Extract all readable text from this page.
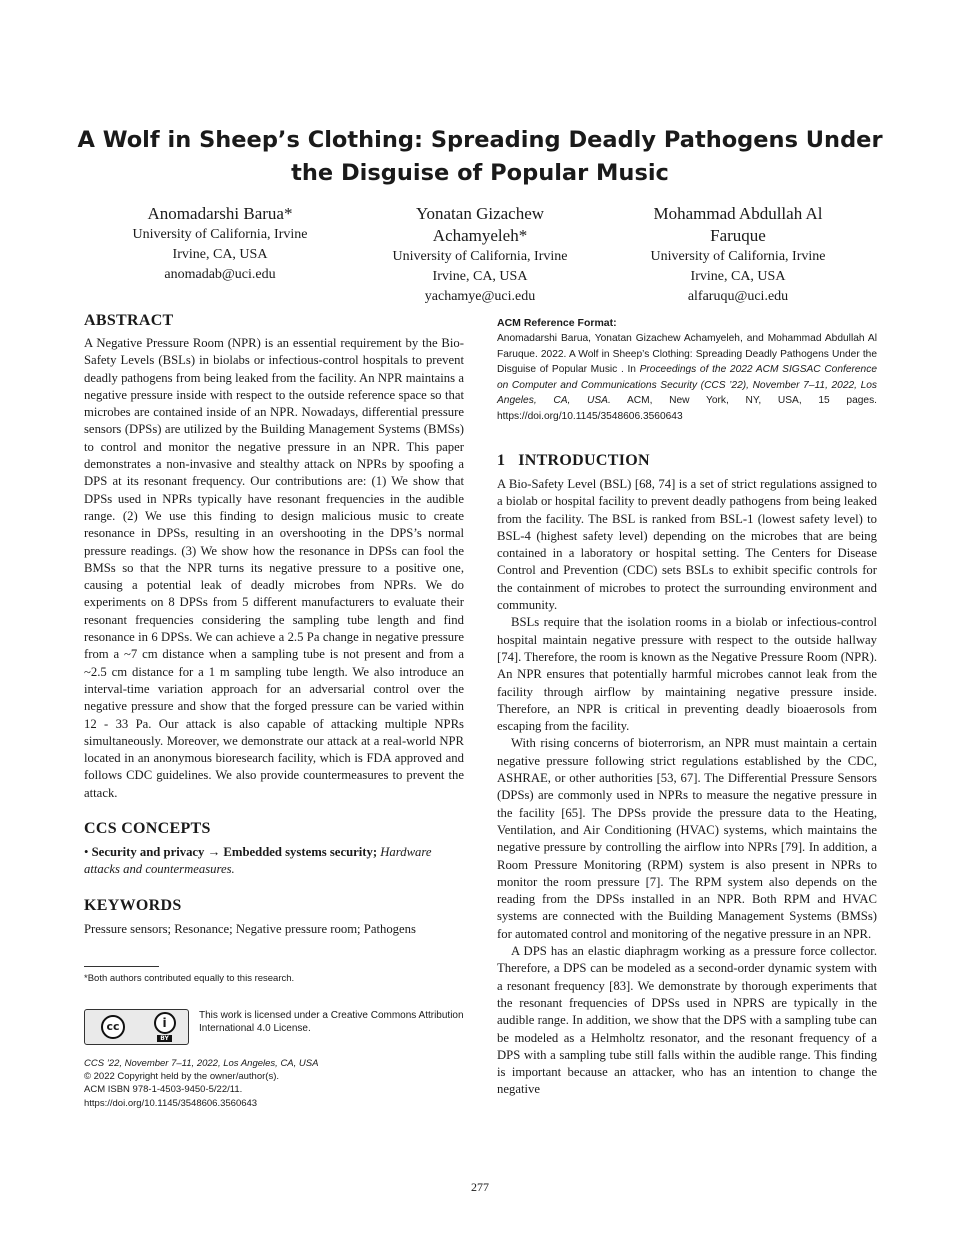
A Wolf in Sheep’s Clothing: Spreading Deadly Pathogens Under
the Disguise of Popular Music
Anomadarshi Barua*
University of California, Irvine
Irvine, CA, USA
anomadab@uci.edu
Yonatan Gizachew
Achamyeleh*
University of California, Irvine
Irvine, CA, USA
yachamye@uci.edu
Mohammad Abdullah Al
Faruque
University of California, Irvine
Irvine, CA, USA
alfaruqu@uci.edu
ABSTRACT

A Negative Pressure Room (NPR) is an essential requirement by the Bio-Safety Levels (BSLs) in biolabs or infectious-control hospitals to prevent deadly pathogens from being leaked from the facility. An NPR maintains a negative pressure inside with respect to the outside reference space so that microbes are contained inside of an NPR. Nowadays, differential pressure sensors (DPSs) are utilized by the Building Management Systems (BMSs) to control and monitor the negative pressure in an NPR. This paper demonstrates a non-invasive and stealthy attack on NPRs by spoofing a DPS at its resonant frequency. Our contributions are: (1) We show that DPSs used in NPRs typically have resonant frequencies in the audible range. (2) We use this finding to design malicious music to create resonance in DPSs, resulting in an overshooting in the DPS’s normal pressure readings. (3) We show how the resonance in DPSs can fool the BMSs so that the NPR turns its negative pressure to a positive one, causing a potential leak of deadly microbes from NPRs. We do experiments on 8 DPSs from 5 different manufacturers to evaluate their resonant frequencies considering the sampling tube length and find resonance in 6 DPSs. We can achieve a 2.5 Pa change in negative pressure from a ~7 cm distance when a sampling tube is not present and from a ~2.5 cm distance for a 1 m sampling tube length. We also introduce an interval-time variation approach for an adversarial control over the negative pressure and show that the forged pressure can be varied within 12 - 33 Pa. Our attack is also capable of attacking multiple NPRs simultaneously. Moreover, we demonstrate our attack at a real-world NPR located in an anonymous bioresearch facility, which is FDA approved and follows CDC guidelines. We also provide countermeasures to prevent the attack.

CCS CONCEPTS

• Security and privacy → Embedded systems security; Hardware attacks and countermeasures.

KEYWORDS

Pressure sensors; Resonance; Negative pressure room; Pathogens

*Both authors contributed equally to this research.
cc	i
BY
This work is licensed under a Creative Commons Attribution International 4.0 License.
CCS ’22, November 7–11, 2022, Los Angeles, CA, USA
© 2022 Copyright held by the owner/author(s).
ACM ISBN 978-1-4503-9450-5/22/11.
https://doi.org/10.1145/3548606.3560643
ACM Reference Format:

Anomadarshi Barua, Yonatan Gizachew Achamyeleh, and Mohammad Abdullah Al Faruque. 2022. A Wolf in Sheep’s Clothing: Spreading Deadly Pathogens Under the Disguise of Popular Music . In Proceedings of the 2022 ACM SIGSAC Conference on Computer and Communications Security (CCS ’22), November 7–11, 2022, Los Angeles, CA, USA. ACM, New York, NY, USA, 15 pages. https://doi.org/10.1145/3548606.3560643

1   INTRODUCTION

A Bio-Safety Level (BSL) [68, 74] is a set of strict regulations assigned to a biolab or hospital facility to prevent deadly pathogens from being leaked from the facility. The BSL is ranked from BSL-1 (lowest safety level) to BSL-4 (highest safety level) depending on the microbes that are being contained in a laboratory or hospital setting. The Centers for Disease Control and Prevention (CDC) sets BSLs to exhibit specific controls for the containment of microbes to protect the surrounding environment and community.

BSLs require that the isolation rooms in a biolab or infectious-control hospital maintain negative pressure with respect to the outside hallway [74]. Therefore, the room is known as the Negative Pressure Room (NPR). An NPR ensures that potentially harmful microbes cannot leak from the facility through airflow by maintaining negative pressure inside. Therefore, an NPR is critical in preventing deadly bioaerosols from escaping from the facility.

With rising concerns of bioterrorism, an NPR must maintain a certain negative pressure following strict regulations established by the CDC, ASHRAE, or other authorities [53, 67]. The Differential Pressure Sensors (DPSs) are commonly used in NPRs to measure the negative pressure in the facility [65]. The DPSs provide the pressure data to the Heating, Ventilation, and Air Conditioning (HVAC) systems, which maintains the negative pressure by controlling the airflow into NPRs [79]. In addition, a Room Pressure Monitoring (RPM) system is also present in NPRs to monitor the room pressure [7]. The RPM system also depends on the reading from the DPSs installed in an NPR. Both RPM and HVAC systems are connected with the Building Management Systems (BMSs) for automated control and monitoring of the negative pressure in an NPR.

A DPS has an elastic diaphragm working as a pressure force collector. Therefore, a DPS can be modeled as a second-order dynamic system with a resonant frequency [83]. We demonstrate by thorough experiments that the resonant frequencies of DPSs used in NPRS are typically in the audible range. In addition, we show that the DPS with a sampling tube can be modeled as a Helmholtz resonator, and the resonant frequency of a DPS with a sampling tube still falls within the audible range. This finding is important because an attacker, who has an intention to change the negative

277
